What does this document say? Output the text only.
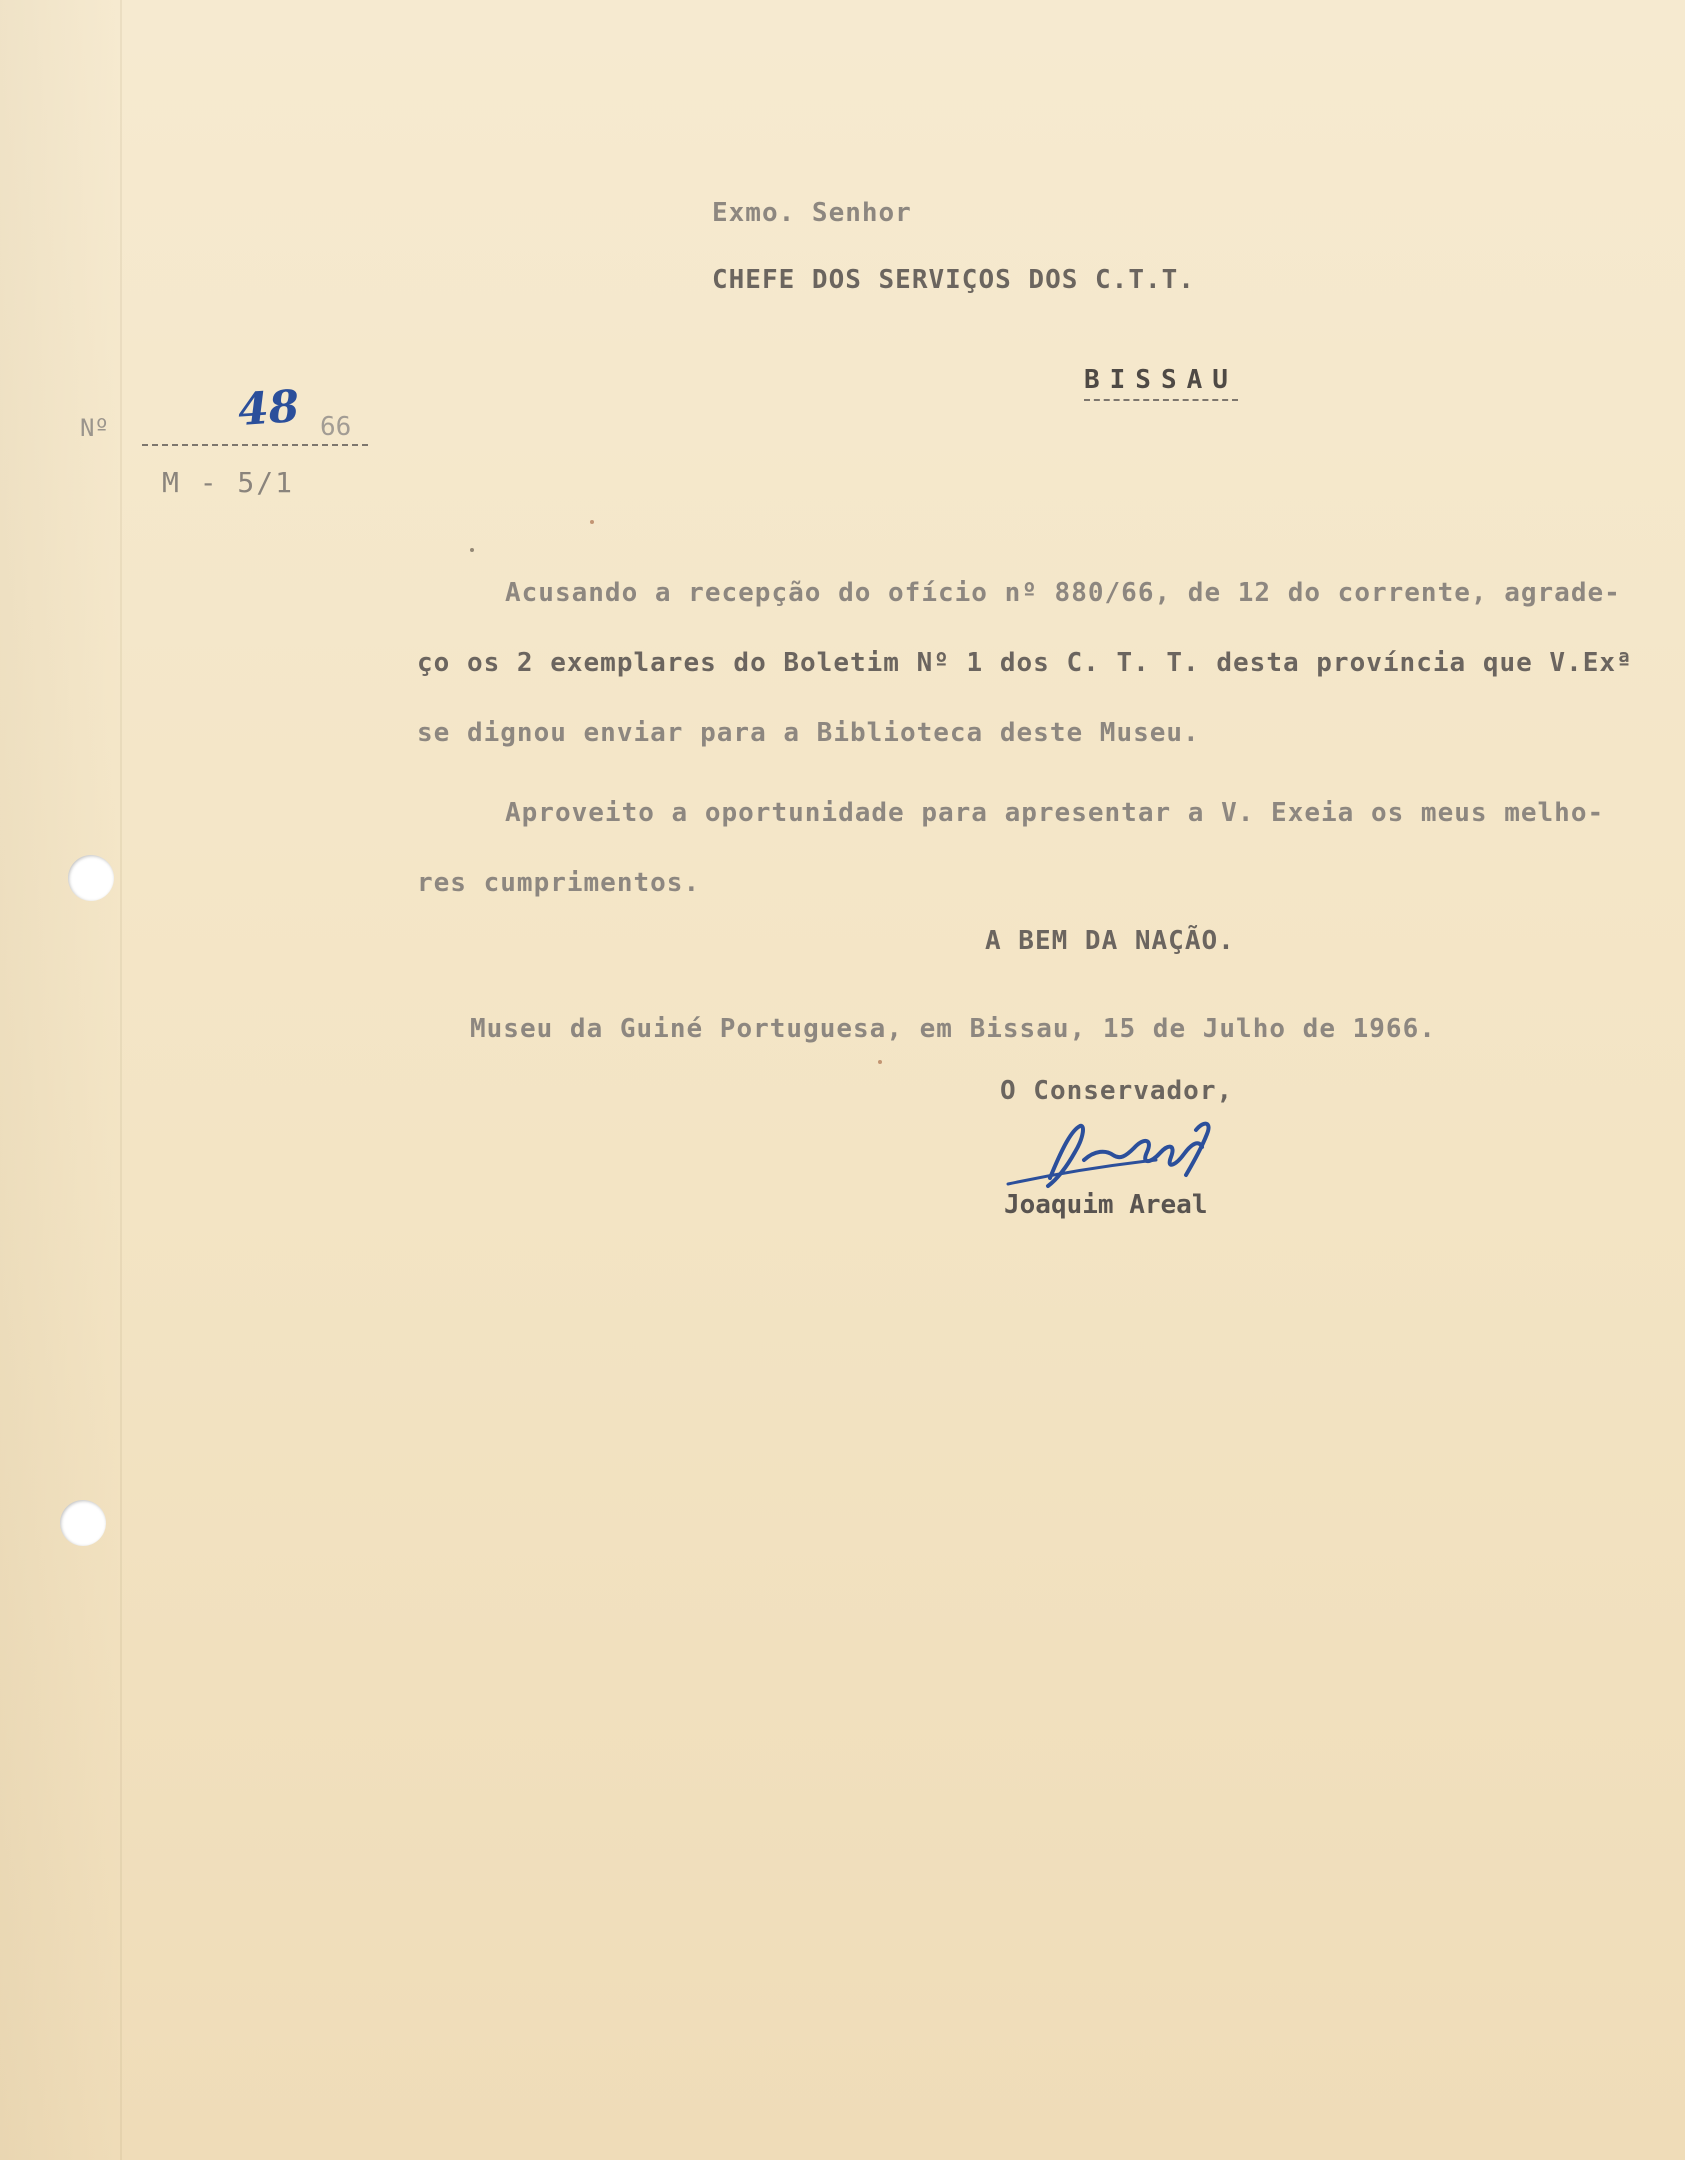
Exmo. Senhor
CHEFE DOS SERVIÇOS DOS C.T.T.
BISSAU
Nº	48 66
M - 5/1
Acusando a recepção do ofício nº 880/66, de 12 do corrente, agrade-
ço os 2 exemplares do Boletim Nº 1 dos C. T. T. desta província que V.Exª
se dignou enviar para a Biblioteca deste Museu.
Aproveito a oportunidade para apresentar a V. Exeia os meus melho-
res cumprimentos.
A BEM DA NAÇÃO.
Museu da Guiné Portuguesa, em Bissau, 15 de Julho de 1966.
O Conservador,
Joaquim Areal
